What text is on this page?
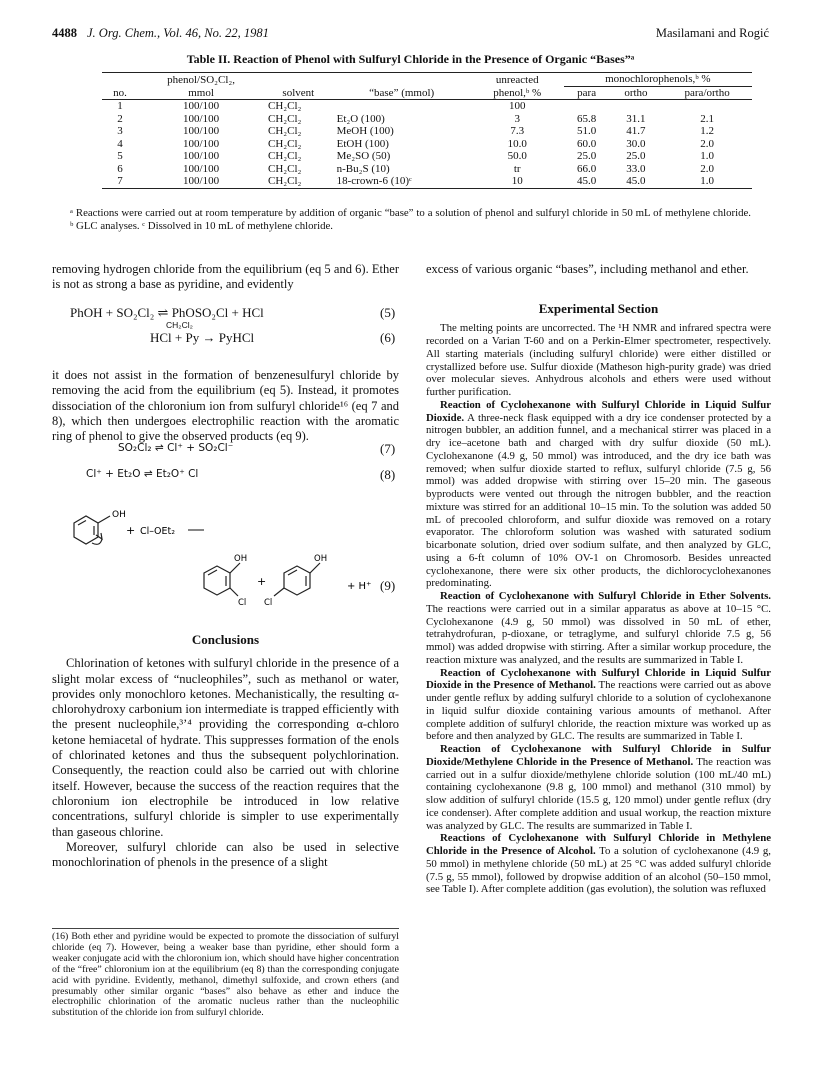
4488 J. Org. Chem., Vol. 46, No. 22, 1981	Masilamani and Rogić
Table II. Reaction of Phenol with Sulfuryl Chloride in the Presence of Organic “Bases”ᵃ
	phenol/SO₂Cl₂,			unreacted	monochlorophenols,ᵇ %		
no.	mmol	solvent	“base” (mmol)	phenol,ᵇ %	para	ortho	para/ortho
1	100/100	CH₂Cl₂		100			
2	100/100	CH₂Cl₂	Et₂O (100)	3	65.8	31.1	2.1
3	100/100	CH₂Cl₂	MeOH (100)	7.3	51.0	41.7	1.2
4	100/100	CH₂Cl₂	EtOH (100)	10.0	60.0	30.0	2.0
5	100/100	CH₂Cl₂	Me₂SO (50)	50.0	25.0	25.0	1.0
6	100/100	CH₂Cl₂	n-Bu₂S (10)	tr	66.0	33.0	2.0
7	100/100	CH₂Cl₂	18-crown-6 (10)ᶜ	10	45.0	45.0	1.0
ᵃ Reactions were carried out at room temperature by addition of organic “base” to a solution of phenol and sulfuryl chloride in 50 mL of methylene chloride. ᵇ GLC analyses. ᶜ Dissolved in 10 mL of methylene chloride.
removing hydrogen chloride from the equilibrium (eq 5 and 6). Ether is not as strong a base as pyridine, and evidently
PhOH + SO₂Cl₂ ⇌ PhOSO₂Cl + HCl
CH₂Cl₂
(5)
HCl + Py → PyHCl	(6)
it does not assist in the formation of benzenesulfuryl chloride by removing the acid from the equilibrium (eq 5). Instead, it promotes dissociation of the chloronium ion from sulfuryl chloride¹⁶ (eq 7 and 8), which then undergoes electrophilic reaction with the aromatic ring of phenol to give the observed products (eq 9).
SO₂Cl₂ ⇌ Cl⁺ + SO₂Cl⁻	(7)
Cl⁺ + Et₂O ⇌ Et₂O⁺ Cl	(8)
OH
+ Cl–OEt₂
OH
Cl
+
OH
Cl
+ H⁺ (9)

Conclusions

Chlorination of ketones with sulfuryl chloride in the presence of a slight molar excess of “nucleophiles”, such as methanol or water, provides only monochloro ketones. Mechanistically, the resulting α-chlorohydroxy carbonium ion intermediate is trapped efficiently with the present nucleophile,³ʼ⁴ providing the corresponding α-chloro ketone hemiacetal of hydrate. This suppresses formation of the enols of chlorinated ketones and thus the subsequent polychlorination. Consequently, the reaction could also be carried out with chlorine itself. However, because the success of the reaction requires that the chloronium ion electrophile be introduced in low relative concentrations, sulfuryl chloride is simpler to use experimentally than gaseous chlorine.

Moreover, sulfuryl chloride can also be used in selective monochlorination of phenols in the presence of a slight

(16) Both ether and pyridine would be expected to promote the dissociation of sulfuryl chloride (eq 7). However, being a weaker base than pyridine, ether should form a weaker conjugate acid with the chloronium ion, which should have higher concentration of the “free” chloronium ion at the equilibrium (eq 8) than the corresponding conjugate acid with pyridine. Evidently, methanol, dimethyl sulfoxide, and crown ethers (and presumably other similar organic “bases” also behave as ether and induce the electrophilic chlorination of the aromatic nucleus rather than the nucleophilic substitution of the chloride ion from sulfuryl chloride.
excess of various organic “bases”, including methanol and ether.

Experimental Section

The melting points are uncorrected. The ¹H NMR and infrared spectra were recorded on a Varian T-60 and on a Perkin-Elmer spectrometer, respectively. All starting materials (including sulfuryl chloride) were either distilled or crystallized before use. Sulfur dioxide (Matheson high-purity grade) was dried over molecular sieves. Anhydrous alcohols and ethers were used without further purification.

Reaction of Cyclohexanone with Sulfuryl Chloride in Liquid Sulfur Dioxide. A three-neck flask equipped with a dry ice condenser protected by a nitrogen bubbler, an addition funnel, and a mechanical stirrer was placed in a dry ice–acetone bath and charged with dry sulfur dioxide (50 mL). Cyclohexanone (4.9 g, 50 mmol) was introduced, and the dry ice bath was removed; when sulfur dioxide started to reflux, sulfuryl chloride (7.5 g, 56 mmol) was added dropwise with stirring over 15–20 min. The gaseous byproducts were vented out through the nitrogen bubbler, and the reaction mixture was stirred for an additional 10–15 min. To the solution was added 50 mL of precooled chloroform, and sulfur dioxide was removed on a rotary evaporator. The chloroform solution was washed with saturated sodium bicarbonate solution, dried over sodium sulfate, and then analyzed by GLC, using a 6-ft column of 10% OV-1 on Chromosorb. Besides unreacted cyclohexanone, there were six other products, the dichlorocyclohexanones predominating.

Reaction of Cyclohexanone with Sulfuryl Chloride in Ether Solvents. The reactions were carried out in a similar apparatus as above at 10–15 °C. Cyclohexanone (4.9 g, 50 mmol) was dissolved in 50 mL of ether, tetrahydrofuran, p-dioxane, or tetraglyme, and sulfuryl chloride 7.5 g, 56 mmol) was added dropwise with stirring. After a similar workup procedure, the reaction mixture was analyzed, and the results are summarized in Table I.

Reaction of Cyclohexanone with Sulfuryl Chloride in Liquid Sulfur Dioxide in the Presence of Methanol. The reactions were carried out as above under gentle reflux by adding sulfuryl chloride to a solution of cyclohexanone in liquid sulfur dioxide containing various amounts of methanol. After complete addition of sulfuryl chloride, the reaction mixture was worked up as before and then analyzed by GLC. The results are summarized in Table I.

Reaction of Cyclohexanone with Sulfuryl Chloride in Sulfur Dioxide/Methylene Chloride in the Presence of Methanol. The reaction was carried out in a sulfur dioxide/methylene chloride solution (100 mL/40 mL) containing cyclohexanone (9.8 g, 100 mmol) and methanol (310 mmol) by slow addition of sulfuryl chloride (15.5 g, 120 mmol) under gentle reflux (dry ice condenser). After complete addition and usual workup, the reaction mixture was analyzed by GLC. The results are summarized in Table I.

Reactions of Cyclohexanone with Sulfuryl Chloride in Methylene Chloride in the Presence of Alcohol. To a solution of cyclohexanone (4.9 g, 50 mmol) in methylene chloride (50 mL) at 25 °C was added sulfuryl chloride (7.5 g, 55 mmol), followed by dropwise addition of an alcohol (50–150 mmol, see Table I). After complete addition (gas evolution), the solution was refluxed
